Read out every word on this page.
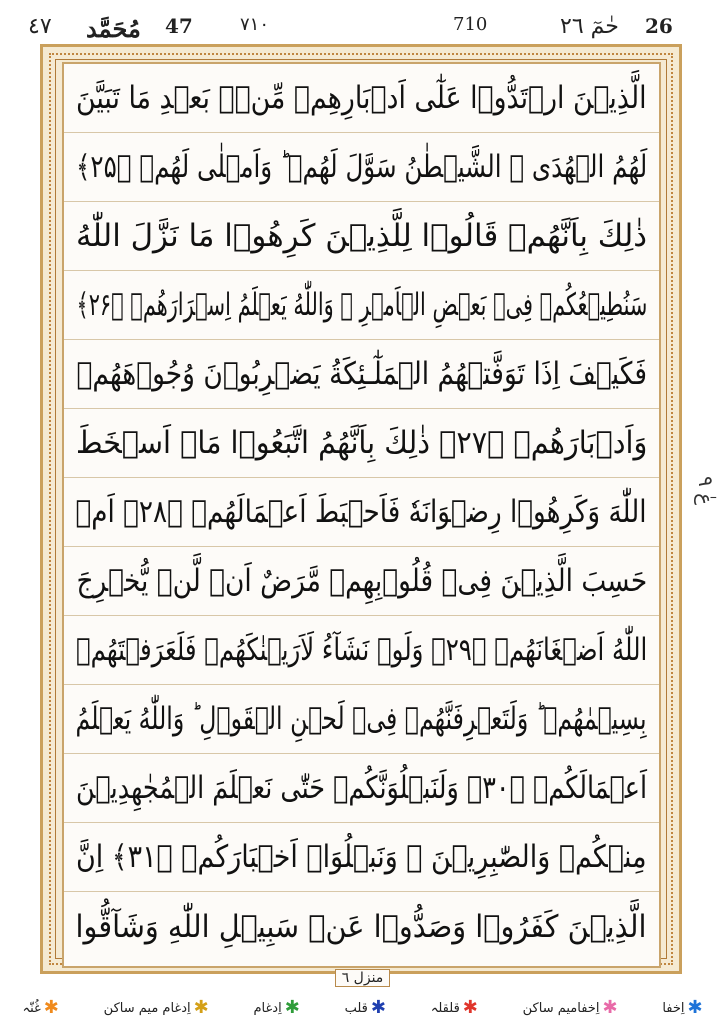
٤٧ مُحَمَّد 47	٧١٠	710	حٰمٓ ٢٦ 26
الَّذِيۡنَ ارۡتَدُّوۡا عَلٰٓى اَدۡبَارِهِمۡ مِّنۡۢ بَعۡدِ مَا تَبَيَّنَ
لَهُمُ الۡهُدَى ۙ الشَّيۡطٰنُ سَوَّلَ لَهُمۡ ؕ وَاَمۡلٰى لَهُمۡ ﴿۲۵﴾
ذٰلِكَ بِاَنَّهُمۡ قَالُوۡا لِلَّذِيۡنَ كَرِهُوۡا مَا نَزَّلَ اللّٰهُ
سَنُطِيۡعُكُمۡ فِىۡ بَعۡضِ الۡاَمۡرِ ۚ وَاللّٰهُ يَعۡلَمُ اِسۡرَارَهُمۡ ﴿۲۶﴾
فَكَيۡفَ اِذَا تَوَفَّتۡهُمُ الۡمَلٰٓـئِكَةُ يَضۡرِبُوۡنَ وُجُوۡهَهُمۡ
وَاَدۡبَارَهُمۡ ﴿۲۷﴾ ذٰلِكَ بِاَنَّهُمُ اتَّبَعُوۡا مَاۤ اَسۡخَطَ
اللّٰهَ وَكَرِهُوۡا رِضۡوَانَهٗ فَاَحۡبَطَ اَعۡمَالَهُمۡ ﴿۲۸﴾ اَمۡ
حَسِبَ الَّذِيۡنَ فِىۡ قُلُوۡبِهِمۡ مَّرَضٌ اَنۡ لَّنۡ يُّخۡرِجَ
اللّٰهُ اَضۡغَانَهُمۡ ﴿۲۹﴾ وَلَوۡ نَشَآءُ لَاَرَيۡنٰكَهُمۡ فَلَعَرَفۡتَهُمۡ
بِسِيۡمٰهُمۡ ؕ وَلَتَعۡرِفَنَّهُمۡ فِىۡ لَحۡنِ الۡقَوۡلِ ؕ وَاللّٰهُ يَعۡلَمُ
اَعۡمَالَكُمۡ ﴿۳۰﴾ وَلَنَبۡلُوَنَّكُمۡ حَتّٰى نَعۡلَمَ الۡمُجٰهِدِيۡنَ
مِنۡكُمۡ وَالصّٰبِرِيۡنَ ۙ وَنَبۡلُوَا۟ اَخۡبَارَكُمۡ ﴿۳۱﴾ اِنَّ
الَّذِيۡنَ كَفَرُوۡا وَصَدُّوۡا عَنۡ سَبِيۡلِ اللّٰهِ وَشَآقُّوا
عٰ ٩
منزل ٦
✱
اِخفا
✱
اِخفامیم ساکن
✱
قلقلہ
✱
قلب
✱
اِدغام
✱
اِدغام میم ساکن
✱
غُنّہ
